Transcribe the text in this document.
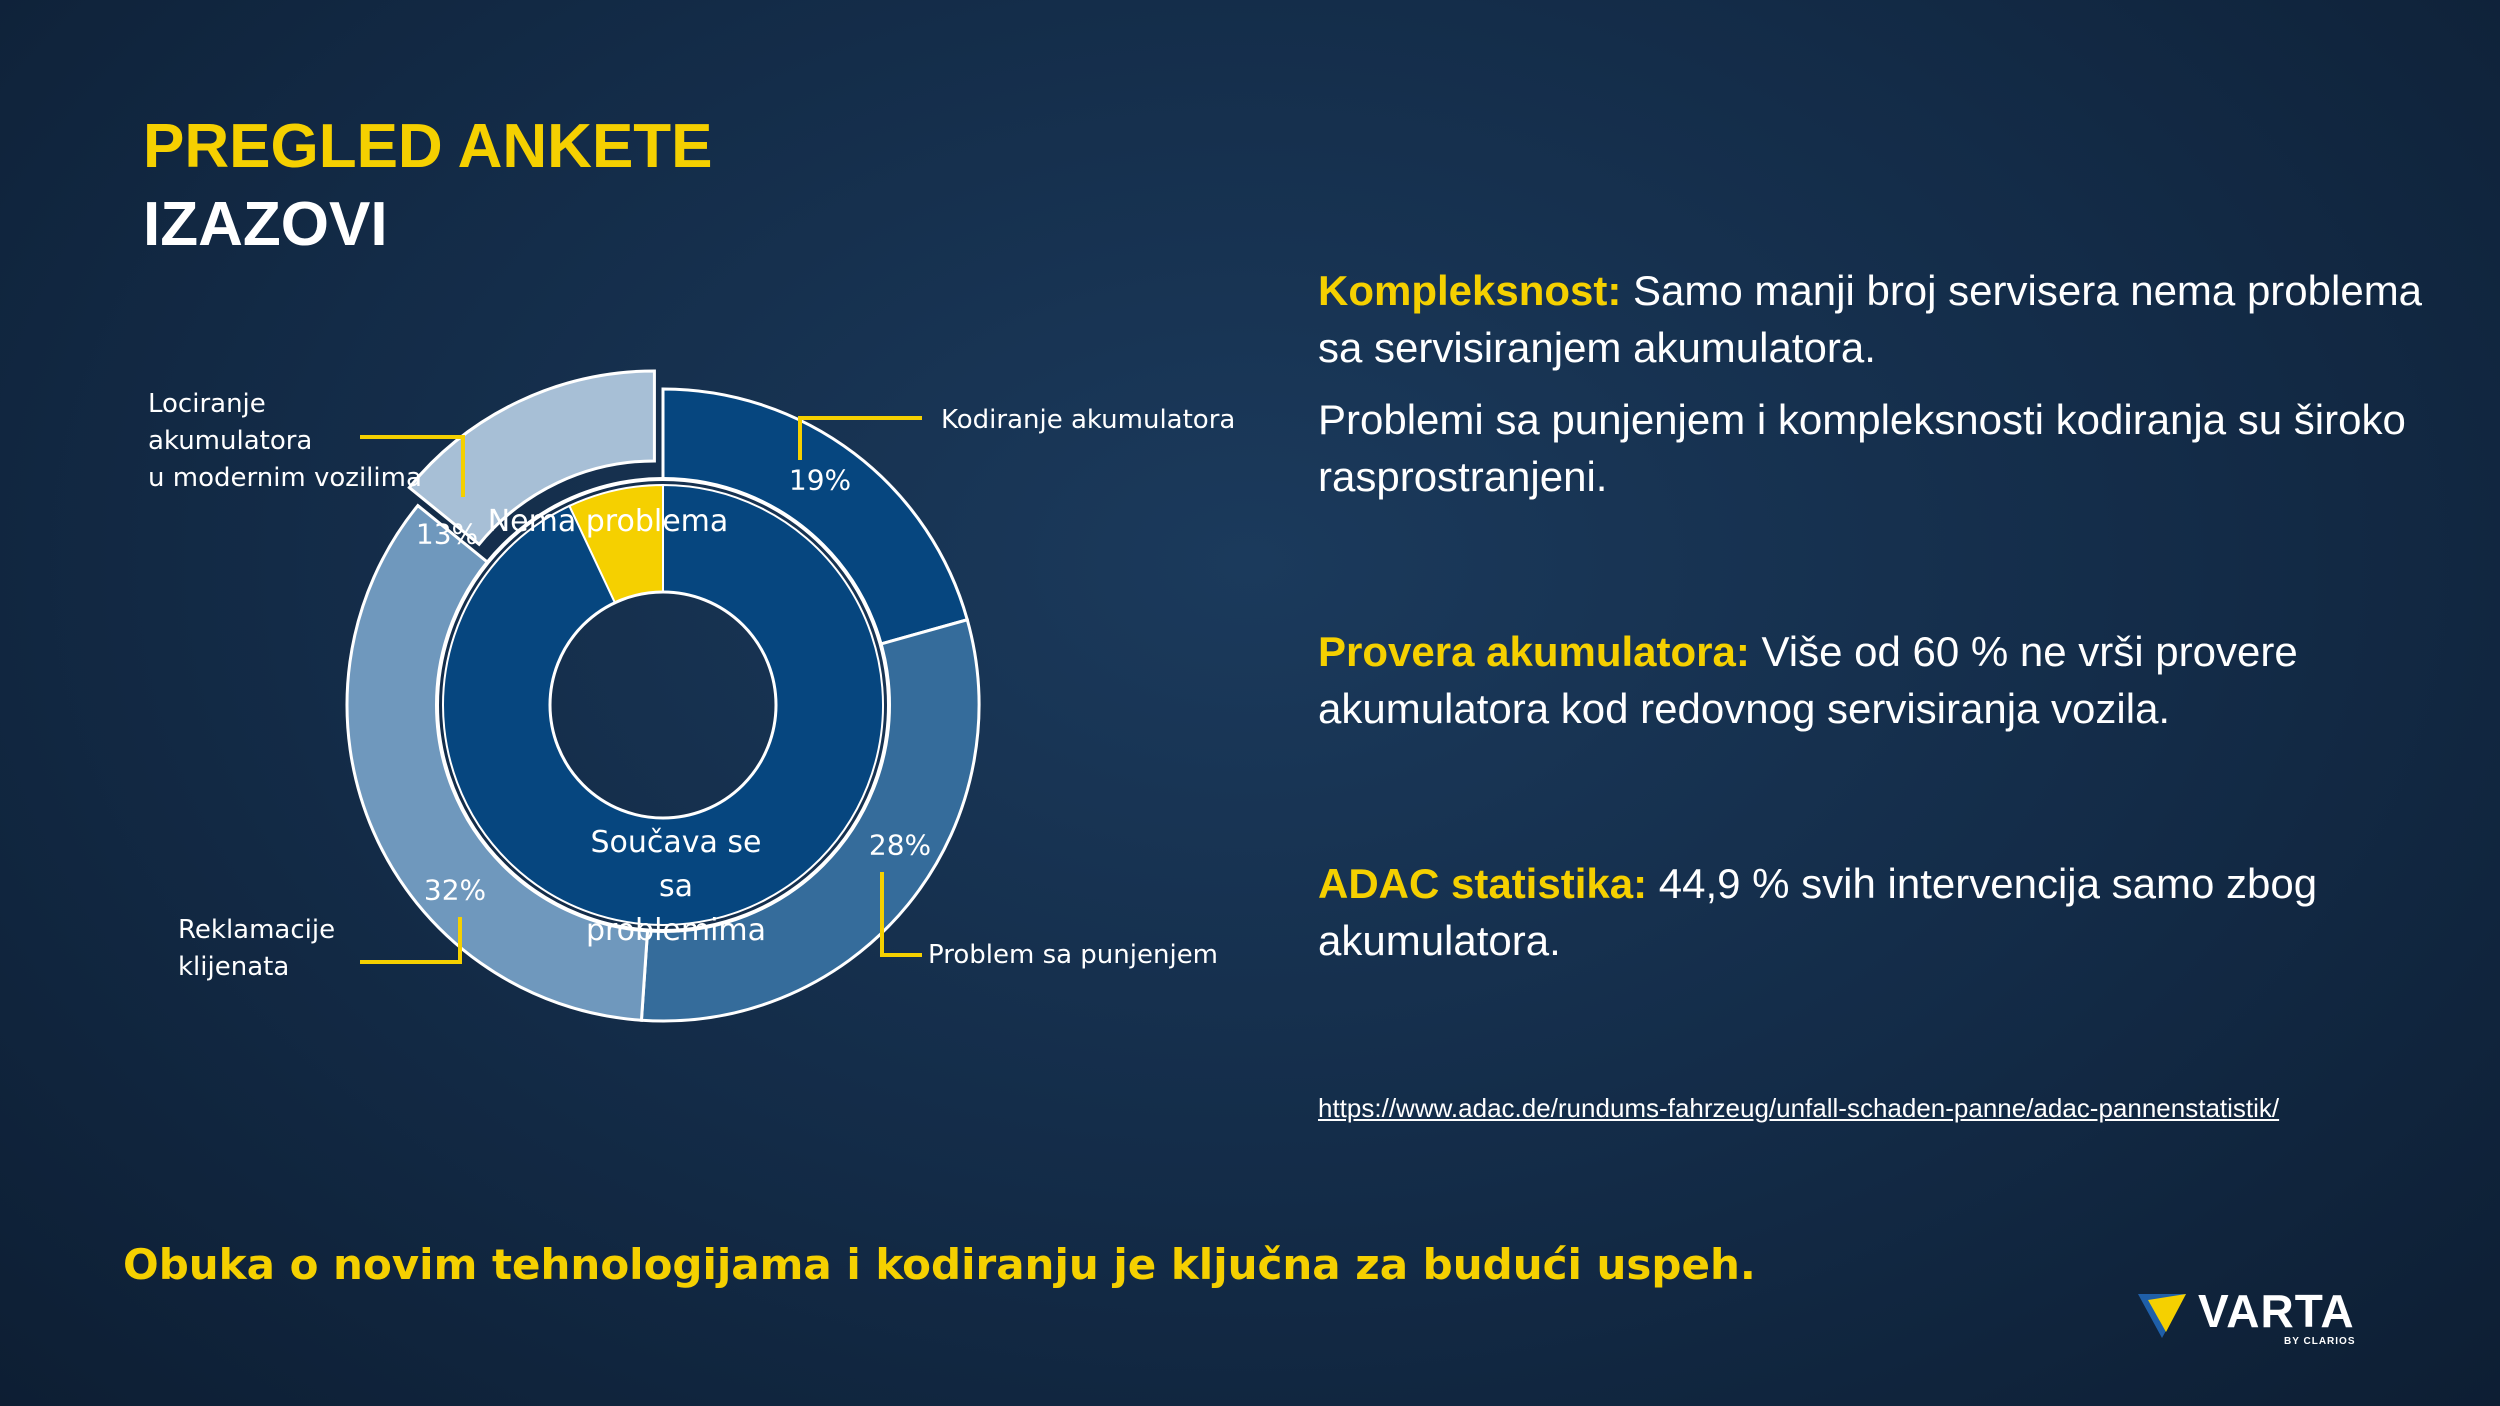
PREGLED ANKETE
IZAZOVI
Lociranje
akumulatora
u modernim vozilima
Kodiranje akumulatora
Problem sa punjenjem
Reklamacije
klijenata
19%
28%
32%
13% Nema problema
Součava se sa problemima

Kompleksnost: Samo manji broj servisera nema problema sa servisiranjem akumulatora.

Problemi sa punjenjem i kompleksnosti kodiranja su široko rasprostranjeni.

Provera akumulatora: Više od 60 % ne vrši provere akumulatora kod redovnog servisiranja vozila.

ADAC statistika: 44,9 % svih intervencija samo zbog akumulatora.

https://www.adac.de/rundums-fahrzeug/unfall-schaden-panne/adac-pannenstatistik/
Obuka o novim tehnologijama i kodiranju je ključna za budući uspeh.
VARTA
BY CLARIOS
